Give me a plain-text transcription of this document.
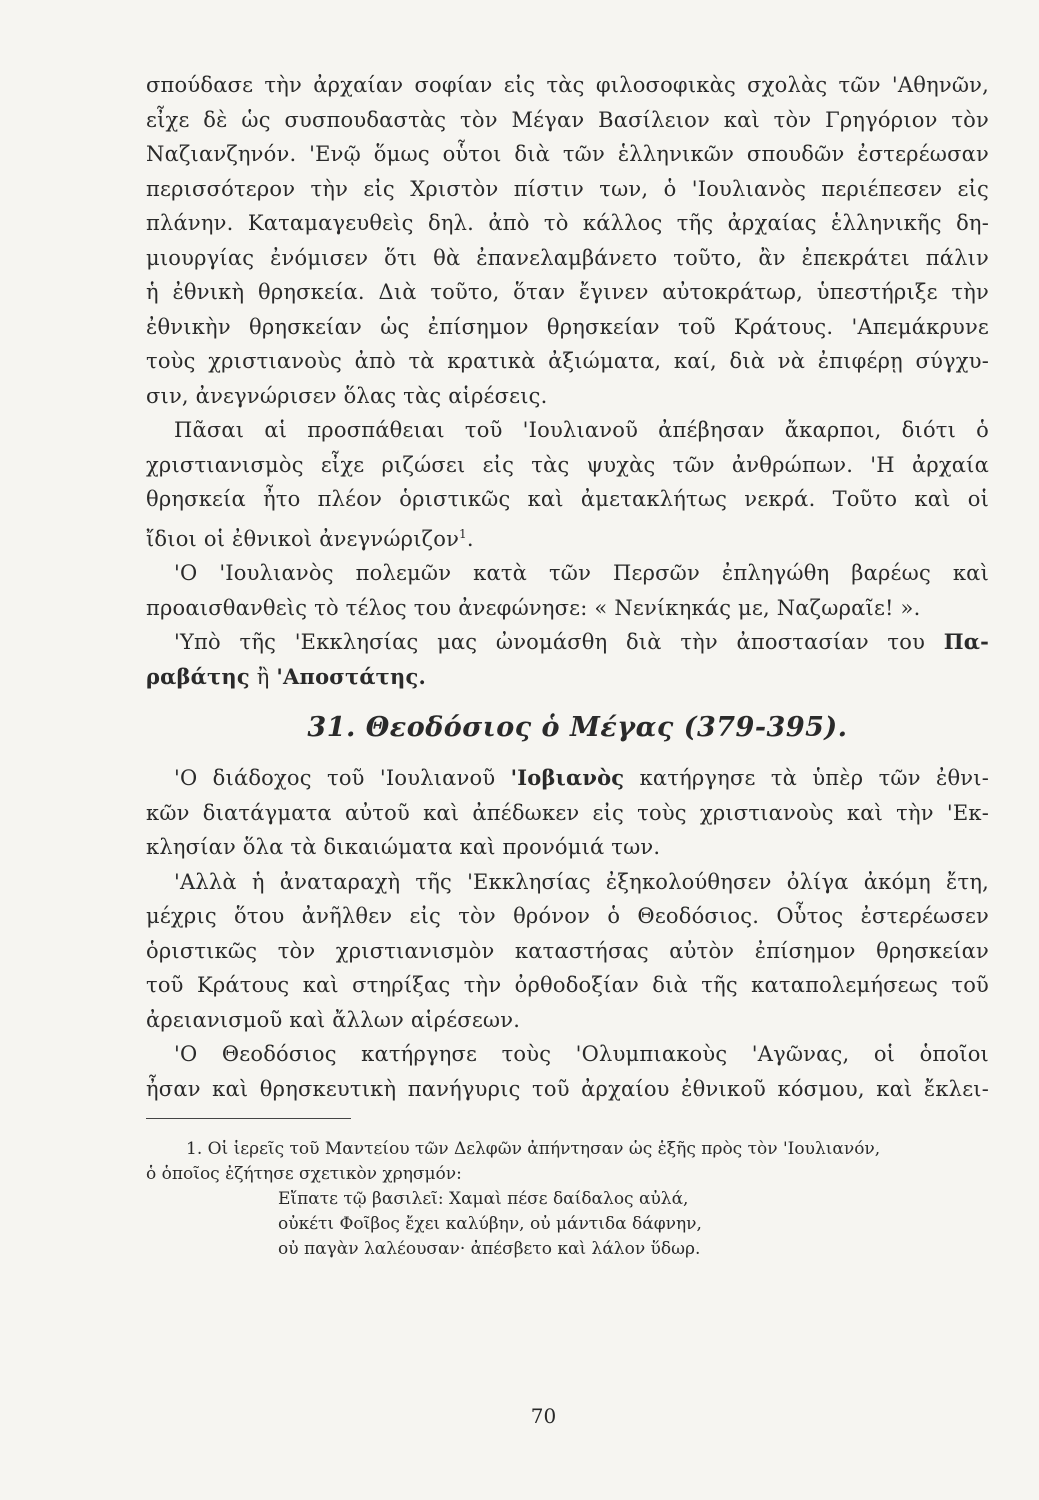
σπούδασε τὴν ἀρχαίαν σοφίαν εἰς τὰς φιλοσοφικὰς σχολὰς τῶν 'Αθηνῶν,
εἶχε δὲ ὡς συσπουδαστὰς τὸν Μέγαν Βασίλειον καὶ τὸν Γρηγόριον τὸν
Ναζιανζηνόν. 'Ενῷ ὅμως οὗτοι διὰ τῶν ἑλληνικῶν σπουδῶν ἐστερέωσαν
περισσότερον τὴν εἰς Χριστὸν πίστιν των, ὁ 'Ιουλιανὸς περιέπεσεν εἰς
πλάνην. Καταμαγευθεὶς δηλ. ἀπὸ τὸ κάλλος τῆς ἀρχαίας ἑλληνικῆς δη-
μιουργίας ἐνόμισεν ὅτι θὰ ἐπανελαμβάνετο τοῦτο, ἂν ἐπεκράτει πάλιν
ἡ ἐθνικὴ θρησκεία. Διὰ τοῦτο, ὅταν ἔγινεν αὐτοκράτωρ, ὑπεστήριξε τὴν
ἐθνικὴν θρησκείαν ὡς ἐπίσημον θρησκείαν τοῦ Κράτους. 'Απεμάκρυνε
τοὺς χριστιανοὺς ἀπὸ τὰ κρατικὰ ἀξιώματα, καί, διὰ νὰ ἐπιφέρῃ σύγχυ-
σιν, ἀνεγνώρισεν ὅλας τὰς αἱρέσεις.

Πᾶσαι αἱ προσπάθειαι τοῦ 'Ιουλιανοῦ ἀπέβησαν ἄκαρποι, διότι ὁ
χριστιανισμὸς εἶχε ριζώσει εἰς τὰς ψυχὰς τῶν ἀνθρώπων. 'Η ἀρχαία
θρησκεία ἦτο πλέον ὁριστικῶς καὶ ἀμετακλήτως νεκρά. Τοῦτο καὶ οἱ
ἴδιοι οἱ ἐθνικοὶ ἀνεγνώριζον$^1$.

'Ο 'Ιουλιανὸς πολεμῶν κατὰ τῶν Περσῶν ἐπληγώθη βαρέως καὶ
προαισθανθεὶς τὸ τέλος του ἀνεφώνησε: « Νενίκηκάς με, Ναζωραῖε! ».

'Υπὸ τῆς 'Εκκλησίας μας ὠνομάσθη διὰ τὴν ἀποστασίαν του Πα-
ραβάτης ἢ 'Αποστάτης.

31. Θεοδόσιος ὁ Μέγας (379-395).

'Ο διάδοχος τοῦ 'Ιουλιανοῦ 'Ιοβιανὸς κατήργησε τὰ ὑπὲρ τῶν ἐθνι-
κῶν διατάγματα αὐτοῦ καὶ ἀπέδωκεν εἰς τοὺς χριστιανοὺς καὶ τὴν 'Εκ-
κλησίαν ὅλα τὰ δικαιώματα καὶ προνόμιά των.

'Αλλὰ ἡ ἀναταραχὴ τῆς 'Εκκλησίας ἐξηκολούθησεν ὀλίγα ἀκόμη ἔτη,
μέχρις ὅτου ἀνῆλθεν εἰς τὸν θρόνον ὁ Θεοδόσιος. Οὗτος ἐστερέωσεν
ὁριστικῶς τὸν χριστιανισμὸν καταστήσας αὐτὸν ἐπίσημον θρησκείαν
τοῦ Κράτους καὶ στηρίξας τὴν ὀρθοδοξίαν διὰ τῆς καταπολεμήσεως τοῦ
ἀρειανισμοῦ καὶ ἄλλων αἱρέσεων.

'Ο Θεοδόσιος κατήργησε τοὺς 'Ολυμπιακοὺς 'Αγῶνας, οἱ ὁποῖοι
ἦσαν καὶ θρησκευτικὴ πανήγυρις τοῦ ἀρχαίου ἐθνικοῦ κόσμου, καὶ ἔκλει-

1. Οἱ ἱερεῖς τοῦ Μαντείου τῶν Δελφῶν ἀπήντησαν ὡς ἑξῆς πρὸς τὸν 'Ιουλιανόν,
ὁ ὁποῖος ἐζήτησε σχετικὸν χρησμόν:
Εἴπατε τῷ βασιλεῖ: Χαμαὶ πέσε δαίδαλος αὐλά,
οὐκέτι Φοῖβος ἔχει καλύβην, οὐ μάντιδα δάφνην,
οὐ παγὰν λαλέουσαν· ἀπέσβετο καὶ λάλον ὕδωρ.
70
